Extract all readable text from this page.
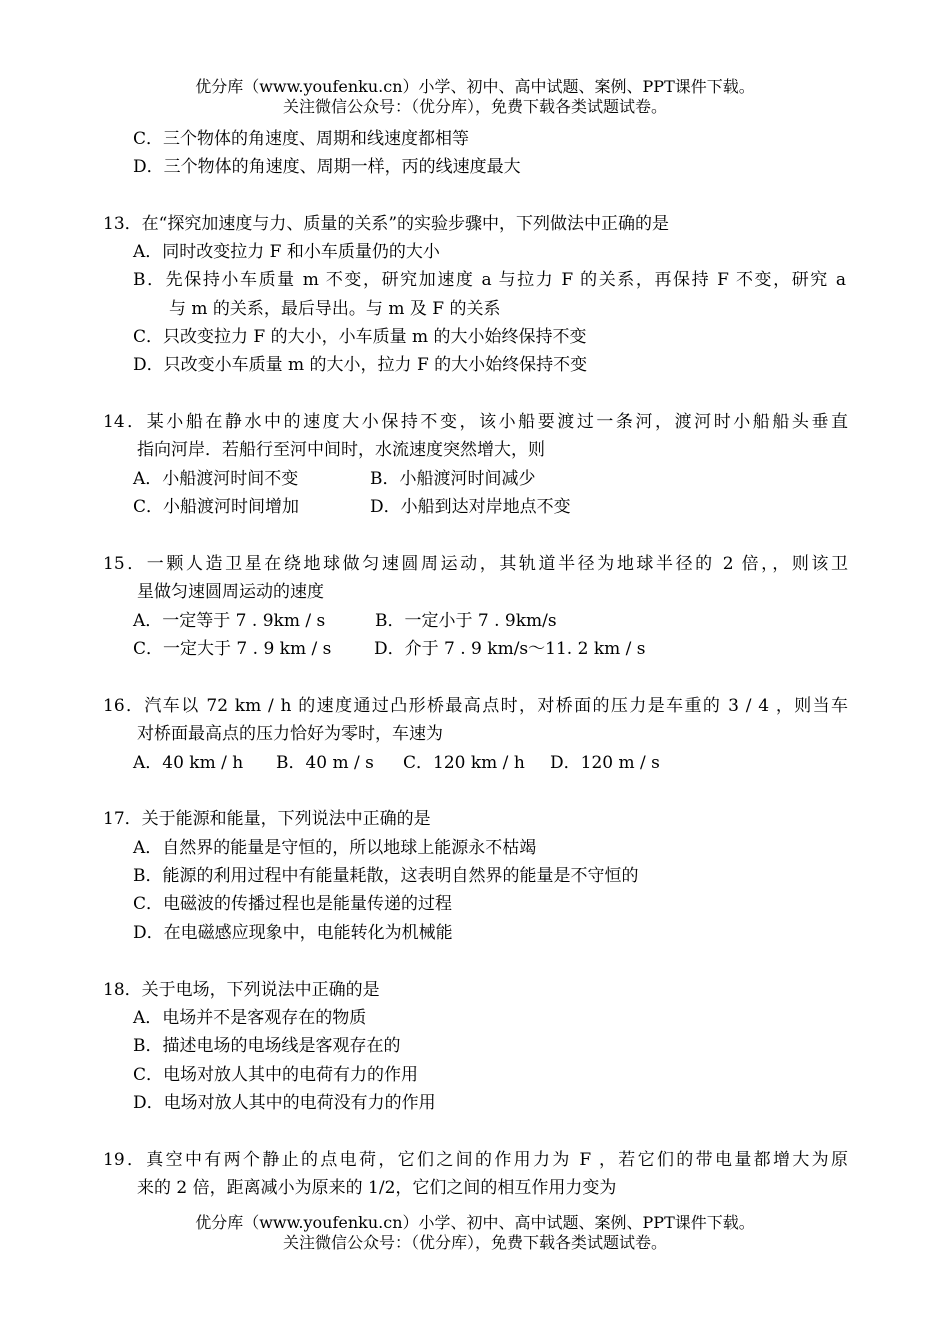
优分库（www.youfenku.cn）小学、初中、高中试题、案例、PPT课件下载。
关注微信公众号：（优分库），免费下载各类试题试卷。
C．三个物体的角速度、周期和线速度都相等
D．三个物体的角速度、周期一样，丙的线速度最大
13．在“探究加速度与力、质量的关系”的实验步骤中，下列做法中正确的是
A．同时改变拉力 F 和小车质量仍的大小
B．先保持小车质量 m 不变，研究加速度 a 与拉力 F 的关系，再保持 F 不变，研究 a
与 m 的关系，最后导出。与 m 及 F 的关系
C．只改变拉力 F 的大小，小车质量 m 的大小始终保持不变
D．只改变小车质量 m 的大小，拉力 F 的大小始终保持不变
14．某小船在静水中的速度大小保持不变，该小船要渡过一条河，渡河时小船船头垂直
指向河岸．若船行至河中间时，水流速度突然增大，则
A．小船渡河时间不变	B．小船渡河时间减少
C．小船渡河时间增加	D．小船到达对岸地点不变
15．一颗人造卫星在绕地球做匀速圆周运动，其轨道半径为地球半径的 2 倍，，则该卫
星做匀速圆周运动的速度
A．一定等于 7 . 9km / s	B．一定小于 7 . 9km/s
C．一定大于 7 . 9 km / s	D．介于 7 . 9 km/s～11. 2 km / s
16．汽车以 72 km / h 的速度通过凸形桥最高点时，对桥面的压力是车重的 3 / 4 ，则当车
对桥面最高点的压力恰好为零时，车速为
A．40 km / h B．40 m / s C．120 km / h D．120 m / s
17．关于能源和能量，下列说法中正确的是
A．自然界的能量是守恒的，所以地球上能源永不枯竭
B．能源的利用过程中有能量耗散，这表明自然界的能量是不守恒的
C．电磁波的传播过程也是能量传递的过程
D．在电磁感应现象中，电能转化为机械能
18．关于电场，下列说法中正确的是
A．电场并不是客观存在的物质
B．描述电场的电场线是客观存在的
C．电场对放人其中的电荷有力的作用
D．电场对放人其中的电荷没有力的作用
19．真空中有两个静止的点电荷，它们之间的作用力为 F ，若它们的带电量都增大为原
来的 2 倍，距离减小为原来的 1/2，它们之间的相互作用力变为
优分库（www.youfenku.cn）小学、初中、高中试题、案例、PPT课件下载。
关注微信公众号：（优分库），免费下载各类试题试卷。
